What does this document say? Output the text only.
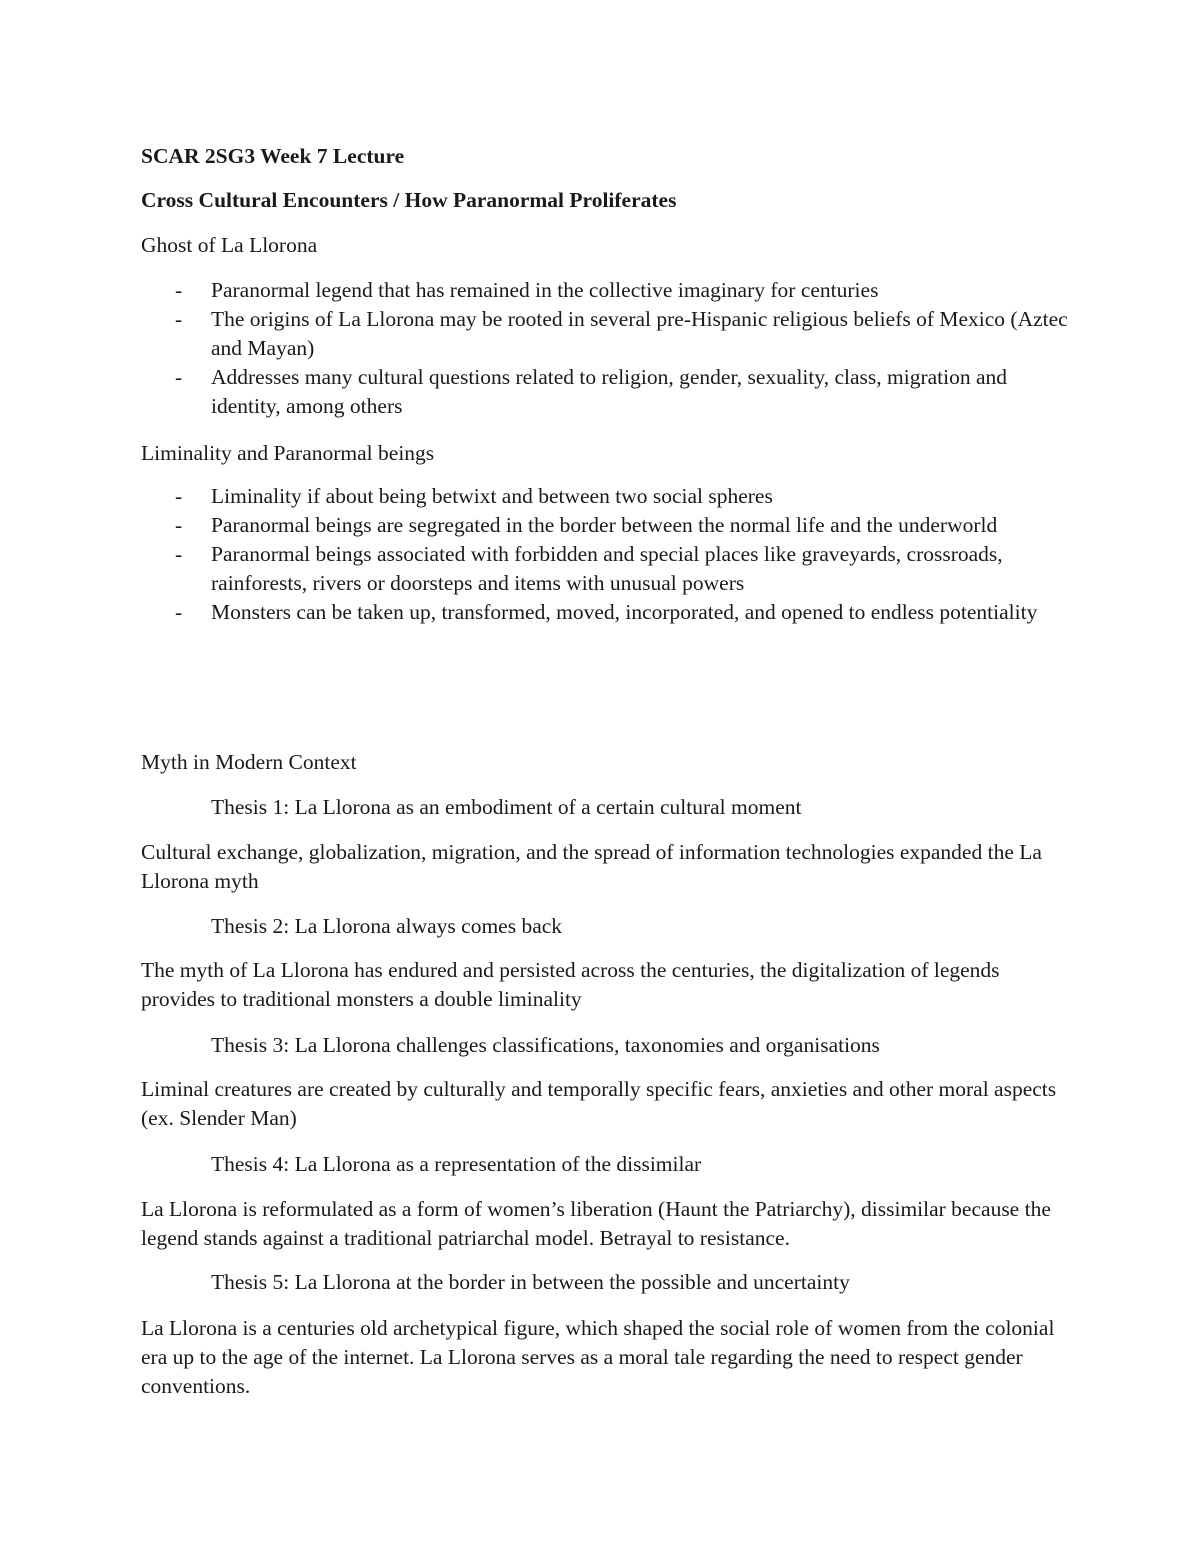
SCAR 2SG3 Week 7 Lecture

Cross Cultural Encounters / How Paranormal Proliferates

Ghost of La Llorona

- Paranormal legend that has remained in the collective imaginary for centuries
- The origins of La Llorona may be rooted in several pre-Hispanic religious beliefs of Mexico (Aztec and Mayan)
- Addresses many cultural questions related to religion, gender, sexuality, class, migration and identity, among others

Liminality and Paranormal beings

- Liminality if about being betwixt and between two social spheres
- Paranormal beings are segregated in the border between the normal life and the underworld
- Paranormal beings associated with forbidden and special places like graveyards, crossroads, rainforests, rivers or doorsteps and items with unusual powers
- Monsters can be taken up, transformed, moved, incorporated, and opened to endless potentiality

Myth in Modern Context

Thesis 1: La Llorona as an embodiment of a certain cultural moment

Cultural exchange, globalization, migration, and the spread of information technologies expanded the La Llorona myth

Thesis 2: La Llorona always comes back

The myth of La Llorona has endured and persisted across the centuries, the digitalization of legends provides to traditional monsters a double liminality

Thesis 3: La Llorona challenges classifications, taxonomies and organisations

Liminal creatures are created by culturally and temporally specific fears, anxieties and other moral aspects (ex. Slender Man)

Thesis 4: La Llorona as a representation of the dissimilar

La Llorona is reformulated as a form of women’s liberation (Haunt the Patriarchy), dissimilar because the legend stands against a traditional patriarchal model. Betrayal to resistance.

Thesis 5: La Llorona at the border in between the possible and uncertainty

La Llorona is a centuries old archetypical figure, which shaped the social role of women from the colonial era up to the age of the internet. La Llorona serves as a moral tale regarding the need to respect gender conventions.
